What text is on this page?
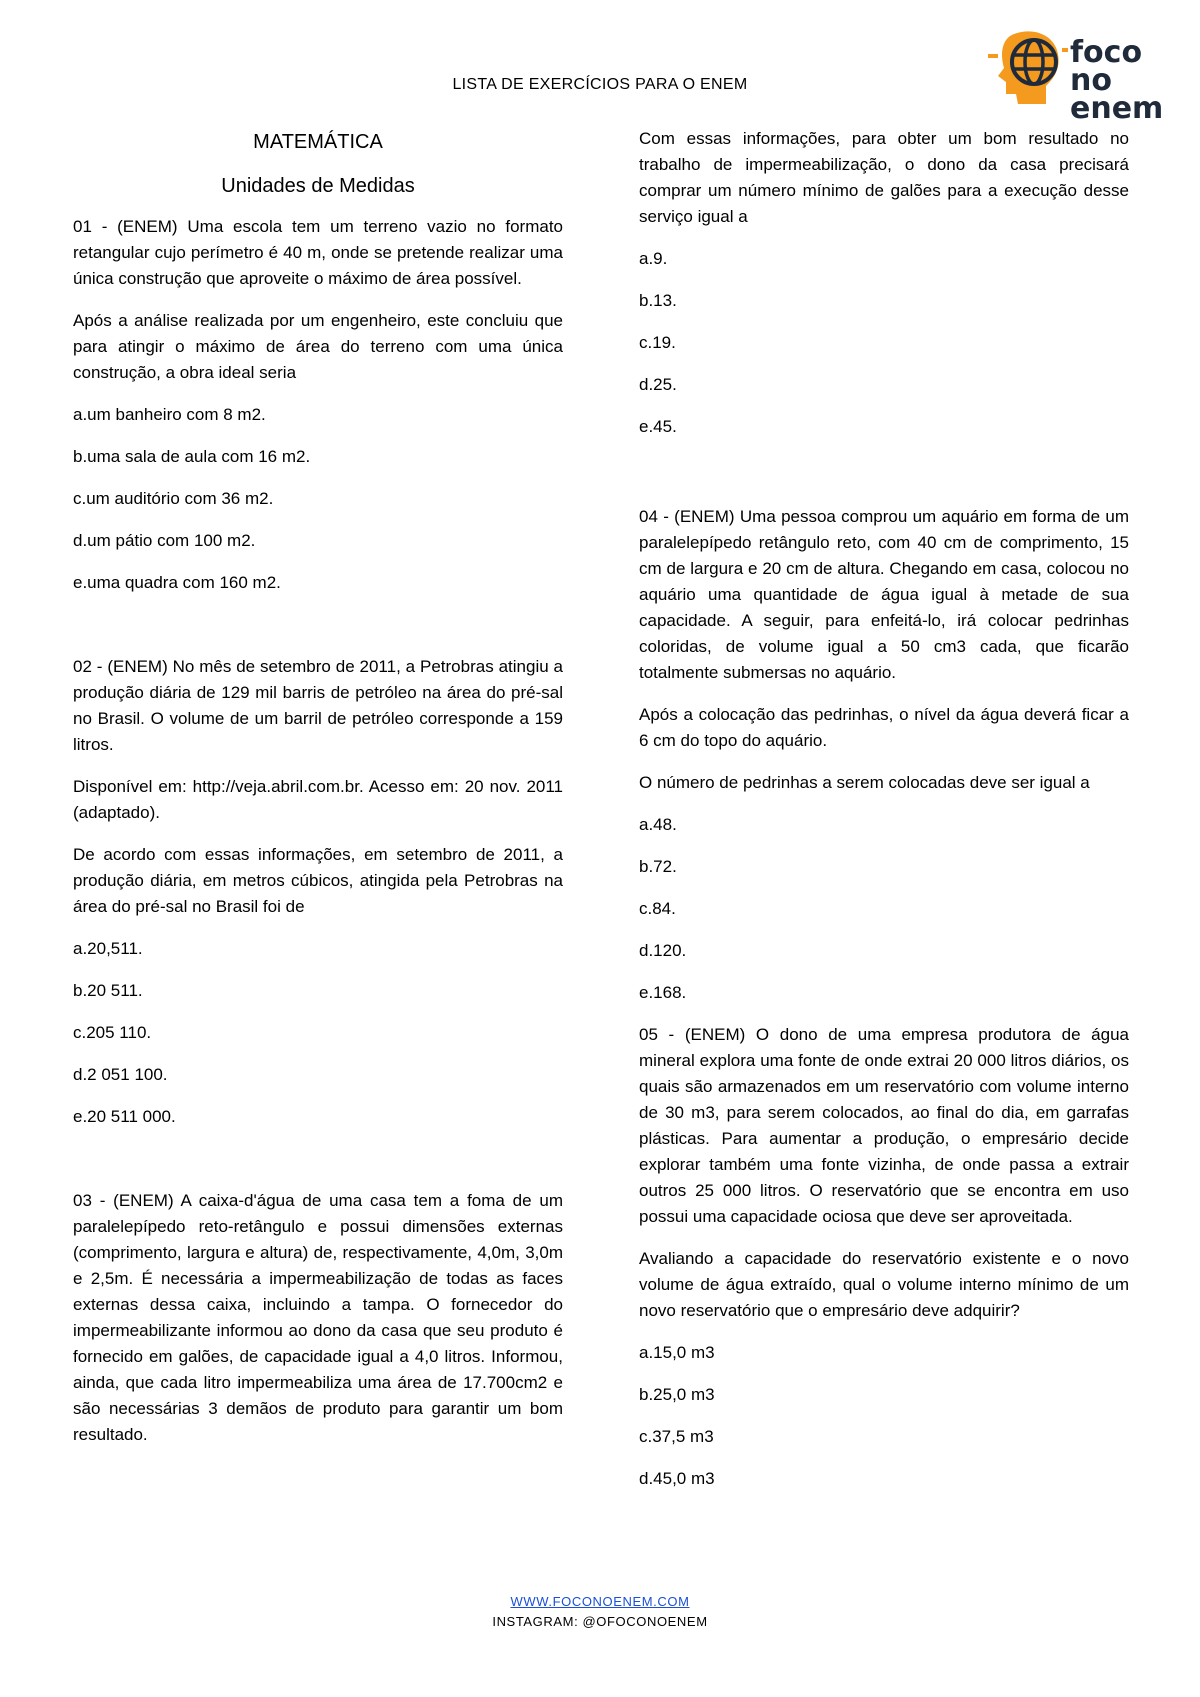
LISTA DE EXERCÍCIOS PARA O ENEM
foco
no enem
MATEMÁTICA
Unidades de Medidas

01 - (ENEM) Uma escola tem um terreno vazio no formato retangular cujo perímetro é 40 m, onde se pretende realizar uma única construção que aproveite o máximo de área possível.

Após a análise realizada por um engenheiro, este concluiu que para atingir o máximo de área do terreno com uma única construção, a obra ideal seria

a.um banheiro com 8 m2.
b.uma sala de aula com 16 m2.
c.um auditório com 36 m2.
d.um pátio com 100 m2.
e.uma quadra com 160 m2.

02 - (ENEM) No mês de setembro de 2011, a Petrobras atingiu a produção diária de 129 mil barris de petróleo na área do pré-sal no Brasil. O volume de um barril de petróleo corresponde a 159 litros.

Disponível em: http://veja.abril.com.br. Acesso em: 20 nov. 2011 (adaptado).

De acordo com essas informações, em setembro de 2011, a produção diária, em metros cúbicos, atingida pela Petrobras na área do pré-sal no Brasil foi de

a.20,511.
b.20 511.
c.205 110.
d.2 051 100.
e.20 511 000.

03 - (ENEM) A caixa-d'água de uma casa tem a foma de um paralelepípedo reto-retângulo e possui dimensões externas (comprimento, largura e altura) de, respectivamente, 4,0m, 3,0m e 2,5m. É necessária a impermeabilização de todas as faces externas dessa caixa, incluindo a tampa. O fornecedor do impermeabilizante informou ao dono da casa que seu produto é fornecido em galões, de capacidade igual a 4,0 litros. Informou, ainda, que cada litro impermeabiliza uma área de 17.700cm2 e são necessárias 3 demãos de produto para garantir um bom resultado.

Com essas informações, para obter um bom resultado no trabalho de impermeabilização, o dono da casa precisará comprar um número mínimo de galões para a execução desse serviço igual a

a.9.
b.13.
c.19.
d.25.
e.45.

04 - (ENEM) Uma pessoa comprou um aquário em forma de um paralelepípedo retângulo reto, com 40 cm de comprimento, 15 cm de largura e 20 cm de altura. Chegando em casa, colocou no aquário uma quantidade de água igual à metade de sua capacidade. A seguir, para enfeitá-lo, irá colocar pedrinhas coloridas, de volume igual a 50 cm3 cada, que ficarão totalmente submersas no aquário.

Após a colocação das pedrinhas, o nível da água deverá ficar a 6 cm do topo do aquário.

O número de pedrinhas a serem colocadas deve ser igual a

a.48.
b.72.
c.84.
d.120.
e.168.

05 - (ENEM) O dono de uma empresa produtora de água mineral explora uma fonte de onde extrai 20 000 litros diários, os quais são armazenados em um reservatório com volume interno de 30 m3, para serem colocados, ao final do dia, em garrafas plásticas. Para aumentar a produção, o empresário decide explorar também uma fonte vizinha, de onde passa a extrair outros 25 000 litros. O reservatório que se encontra em uso possui uma capacidade ociosa que deve ser aproveitada.

Avaliando a capacidade do reservatório existente e o novo volume de água extraído, qual o volume interno mínimo de um novo reservatório que o empresário deve adquirir?

a.15,0 m3
b.25,0 m3
c.37,5 m3
d.45,0 m3
WWW.FOCONOENEM.COM
INSTAGRAM: @OFOCONOENEM
